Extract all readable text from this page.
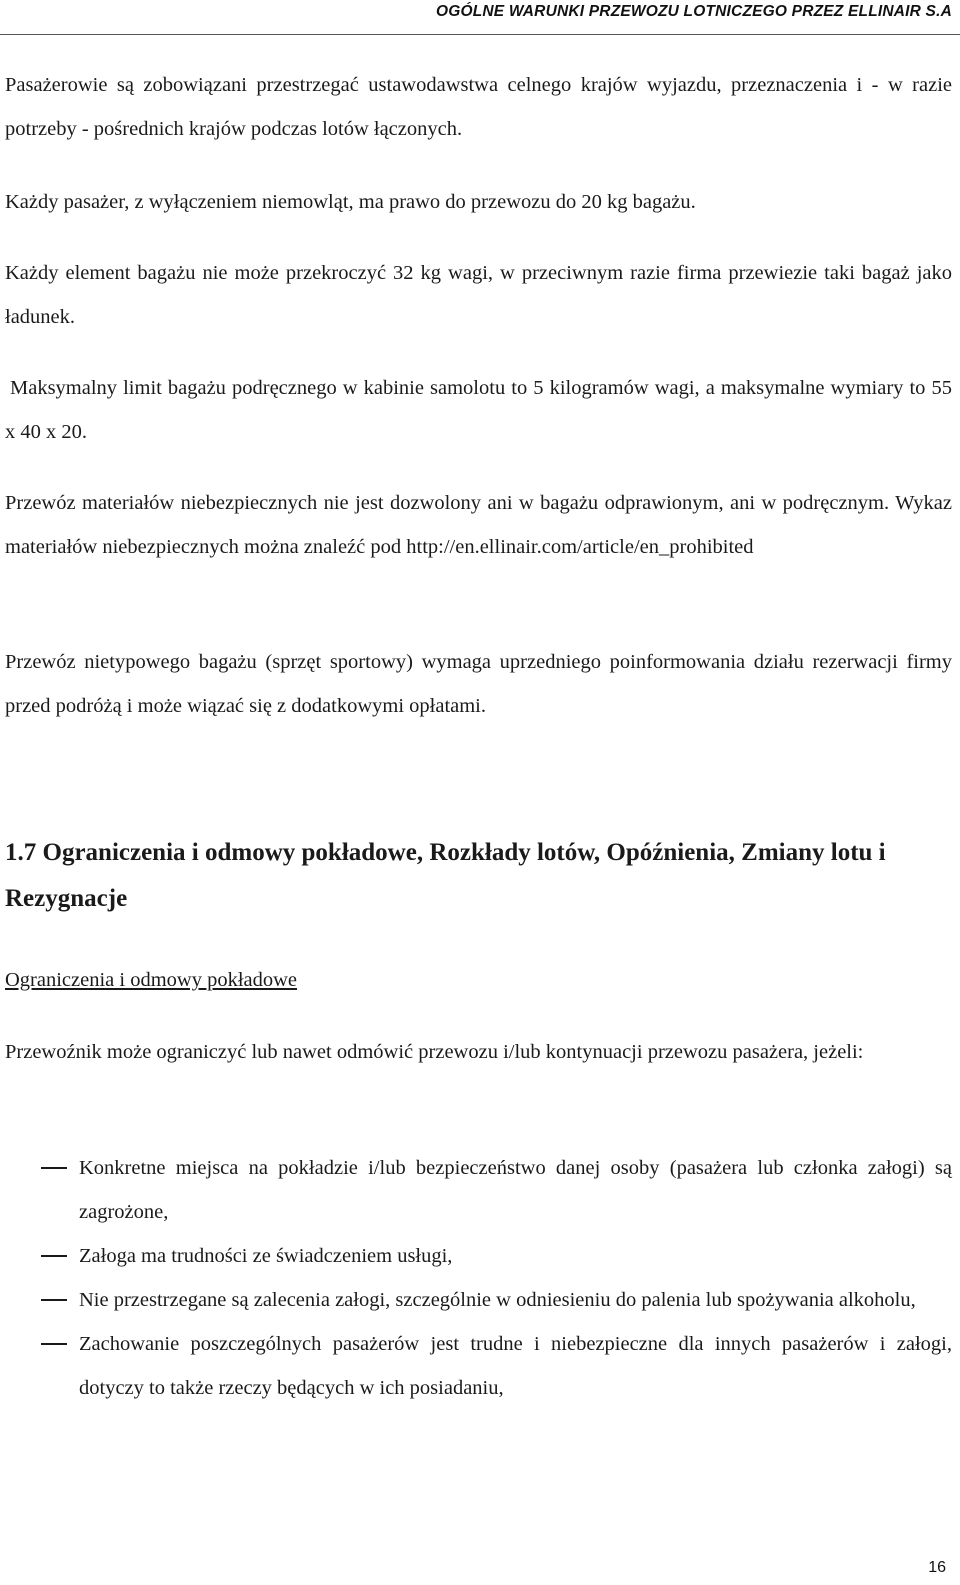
OGÓLNE WARUNKI PRZEWOZU LOTNICZEGO PRZEZ ELLINAIR S.A

Pasażerowie są zobowiązani przestrzegać ustawodawstwa celnego krajów wyjazdu, przeznaczenia i - w razie potrzeby - pośrednich krajów podczas lotów łączonych.

Każdy pasażer, z wyłączeniem niemowląt, ma prawo do przewozu do 20 kg bagażu.

Każdy element bagażu nie może przekroczyć 32 kg wagi, w przeciwnym razie firma przewiezie taki bagaż jako ładunek.

Maksymalny limit bagażu podręcznego w kabinie samolotu to 5 kilogramów wagi, a maksymalne wymiary to 55 x 40 x 20.

Przewóz materiałów niebezpiecznych nie jest dozwolony ani w bagażu odprawionym, ani w podręcznym. Wykaz materiałów niebezpiecznych można znaleźć pod http://en.ellinair.com/article/en_prohibited

Przewóz nietypowego bagażu (sprzęt sportowy) wymaga uprzedniego poinformowania działu rezerwacji firmy przed podróżą i może wiązać się z dodatkowymi opłatami.

1.7 Ograniczenia i odmowy pokładowe, Rozkłady lotów, Opóźnienia, Zmiany lotu i Rezygnacje

Ograniczenia i odmowy pokładowe

Przewoźnik może ograniczyć lub nawet odmówić przewozu i/lub kontynuacji przewozu pasażera, jeżeli:

Konkretne miejsca na pokładzie i/lub bezpieczeństwo danej osoby (pasażera lub członka załogi) są zagrożone,
Załoga ma trudności ze świadczeniem usługi,
Nie przestrzegane są zalecenia załogi, szczególnie w odniesieniu do palenia lub spożywania alkoholu,
Zachowanie poszczególnych pasażerów jest trudne i niebezpieczne dla innych pasażerów i załogi, dotyczy to także rzeczy będących w ich posiadaniu,
16
